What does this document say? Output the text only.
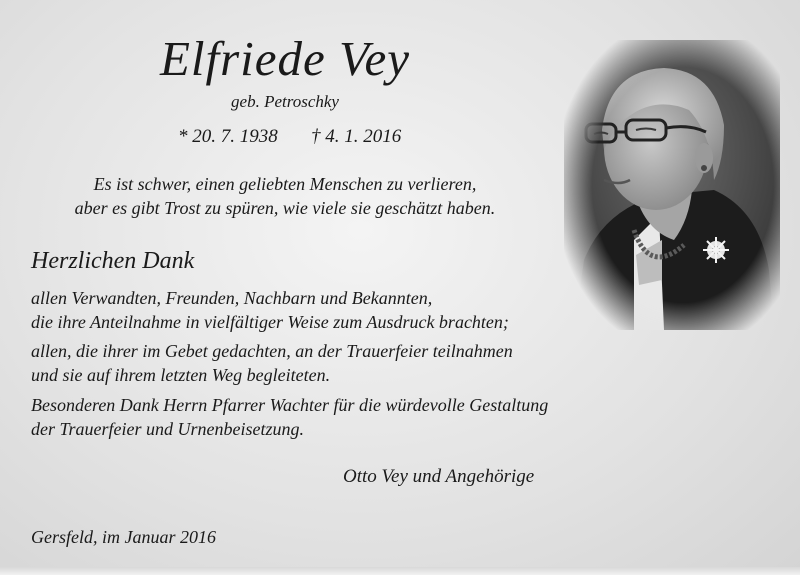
Elfriede Vey
geb. Petroschky
* 20. 7. 1938 † 4. 1. 2016
Es ist schwer, einen geliebten Menschen zu verlieren,
aber es gibt Trost zu spüren, wie viele sie geschätzt haben.
Herzlichen Dank
allen Verwandten, Freunden, Nachbarn und Bekannten,
die ihre Anteilnahme in vielfältiger Weise zum Ausdruck brachten;
allen, die ihrer im Gebet gedachten, an der Trauerfeier teilnahmen
und sie auf ihrem letzten Weg begleiteten.
Besonderen Dank Herrn Pfarrer Wachter für die würdevolle Gestaltung
der Trauerfeier und Urnenbeisetzung.
Otto Vey und Angehörige
Gersfeld, im Januar 2016
